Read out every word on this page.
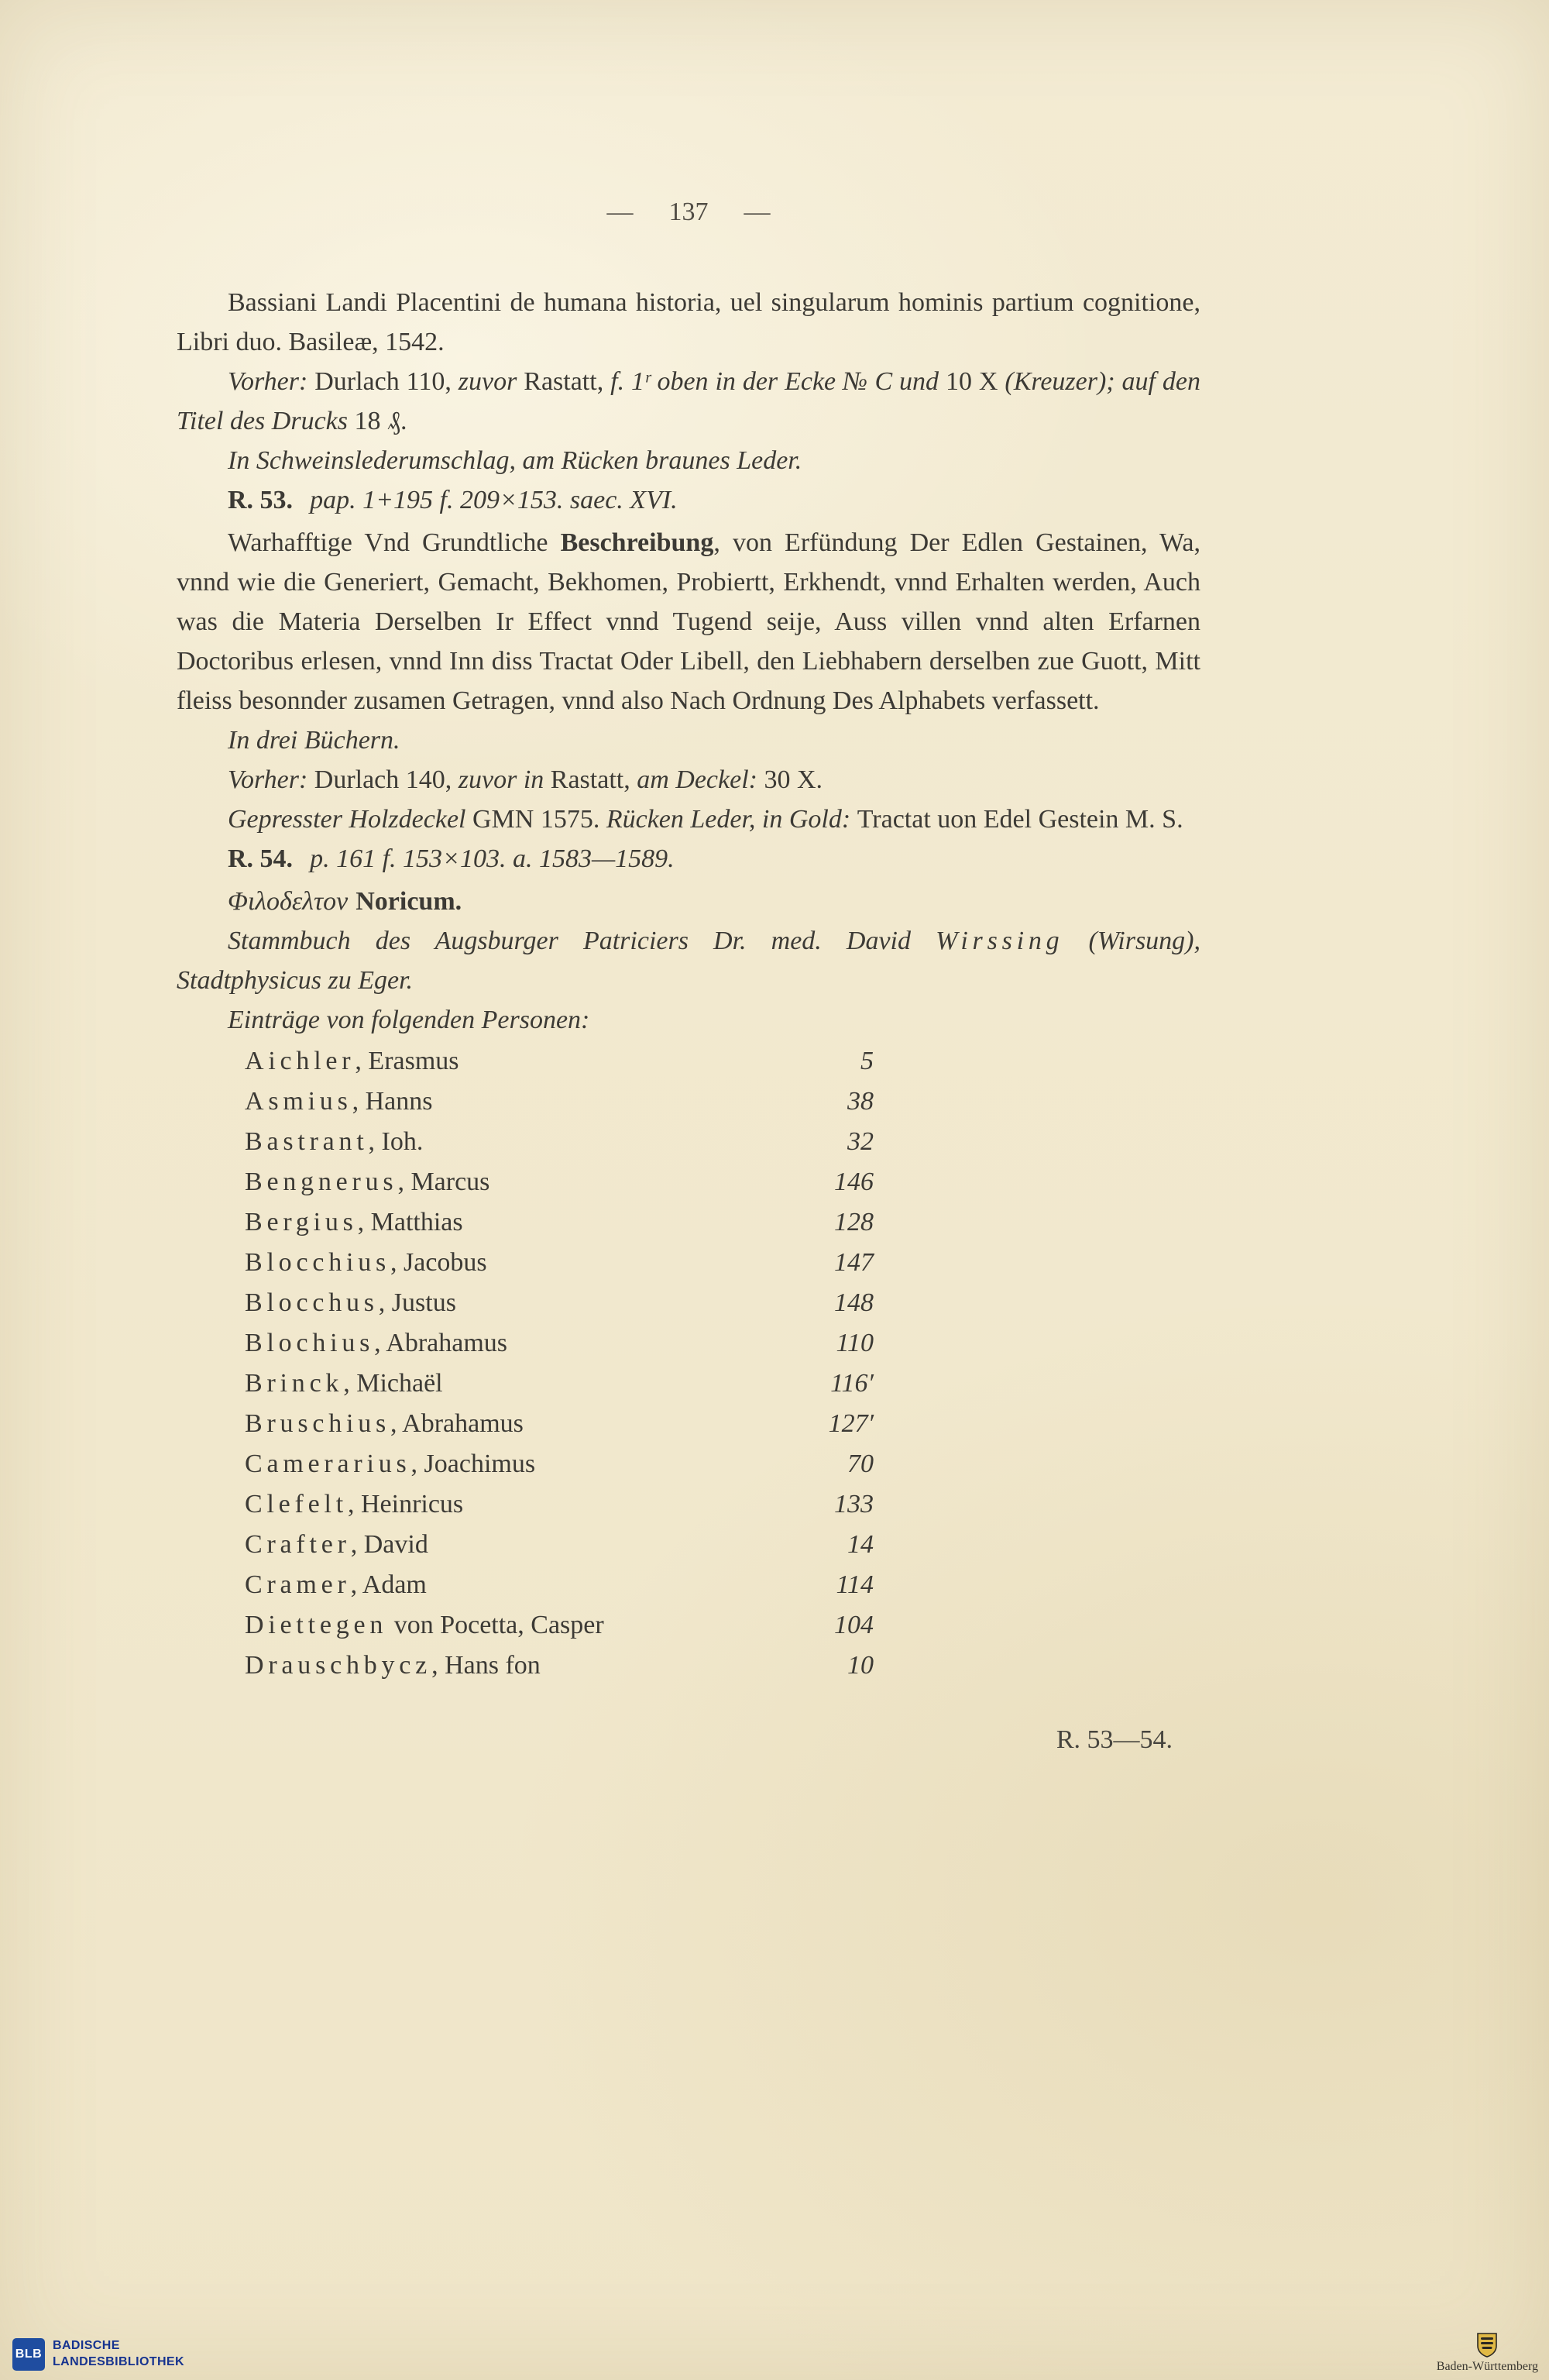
— 137 —

Bassiani Landi Placentini de humana historia, uel singularum hominis partium cognitione, Libri duo. Basileæ, 1542.

Vorher: Durlach 110, zuvor Rastatt, f. 1ʳ oben in der Ecke № C und 10 X (Kreuzer); auf den Titel des Drucks 18 ₰.

In Schweinslederumschlag, am Rücken braunes Leder.

R. 53. pap. 1+195 f. 209×153. saec. XVI.

Warhafftige Vnd Grundtliche Beschreibung, von Erfündung Der Edlen Gestainen, Wa, vnnd wie die Generiert, Gemacht, Bekhomen, Probiertt, Erkhendt, vnnd Erhalten werden, Auch was die Materia Derselben Ir Effect vnnd Tugend seije, Auss villen vnnd alten Erfarnen Doctoribus erlesen, vnnd Inn diss Tractat Oder Libell, den Liebhabern derselben zue Guott, Mitt fleiss besonnder zusamen Getragen, vnnd also Nach Ordnung Des Alphabets verfassett.

In drei Büchern.

Vorher: Durlach 140, zuvor in Rastatt, am Deckel: 30 X.

Gepresster Holzdeckel GMN 1575. Rücken Leder, in Gold: Tractat uon Edel Gestein M. S.

R. 54. p. 161 f. 153×103. a. 1583—1589.

Φιλοδελτον Noricum.

Stammbuch des Augsburger Patriciers Dr. med. David Wirssing (Wirsung), Stadtphysicus zu Eger.

Einträge von folgenden Personen:

Aichler, Erasmus	5
Asmius, Hanns	38
Bastrant, Ioh.	32
Bengnerus, Marcus	146
Bergius, Matthias	128
Blocchius, Jacobus	147
Blocchus, Justus	148
Blochius, Abrahamus	110
Brinck, Michaël	116′
Bruschius, Abrahamus	127′
Camerarius, Joachimus	70
Clefelt, Heinricus	133
Crafter, David	14
Cramer, Adam	114
Diettegen von Pocetta, Casper	104
Drauschbycz, Hans fon	10

R. 53—54.

BLB
BADISCHE
LANDESBIBLIOTHEK	Baden-Württemberg
